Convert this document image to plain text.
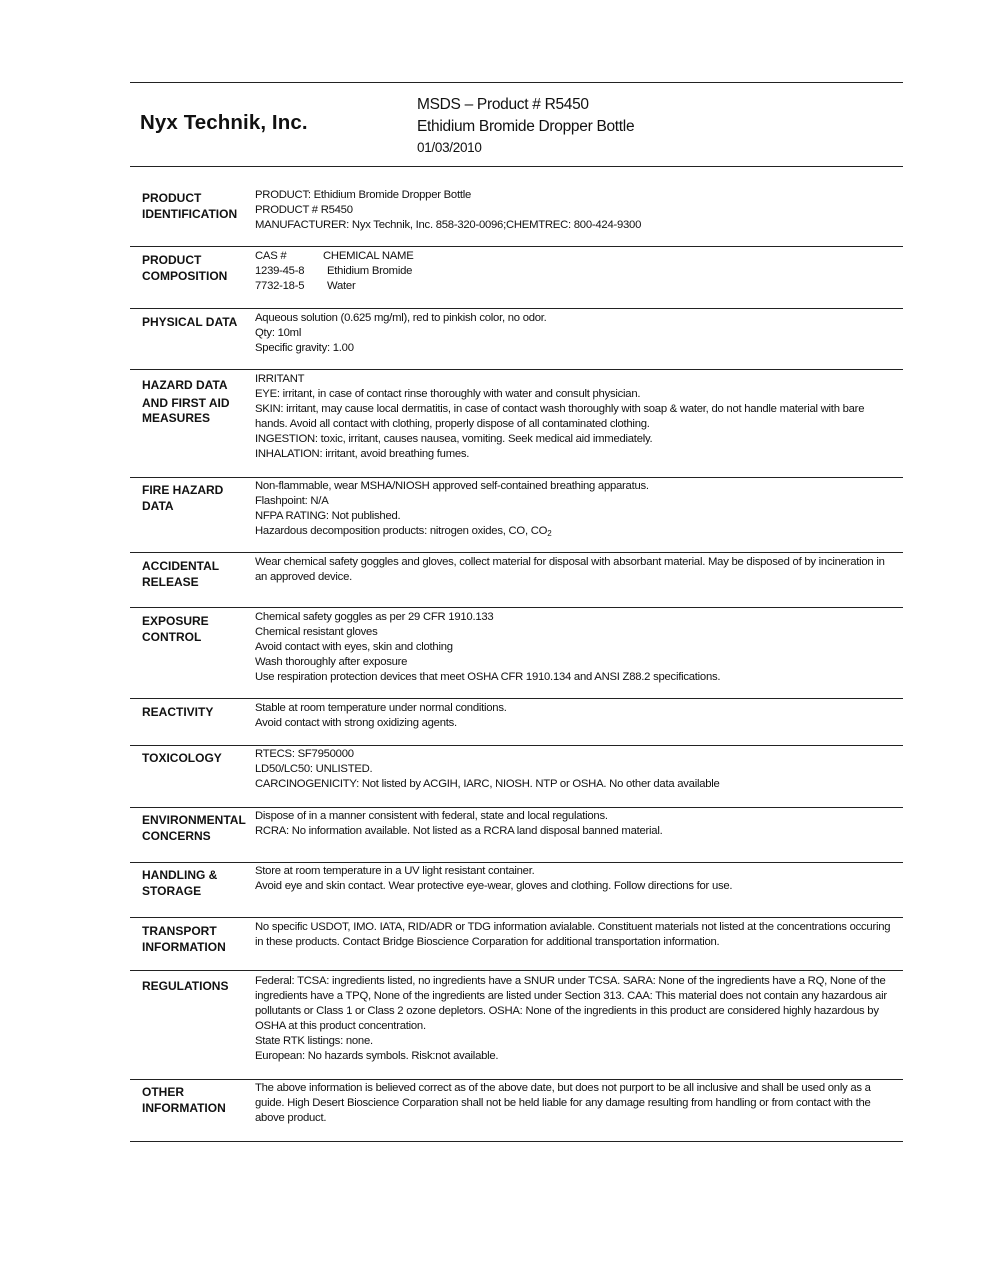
Nyx Technik, Inc.
MSDS – Product # R5450
Ethidium Bromide Dropper Bottle
01/03/2010
PRODUCT
IDENTIFICATION
PRODUCT: Ethidium Bromide Dropper Bottle
PRODUCT # R5450
MANUFACTURER: Nyx Technik, Inc. 858-320-0096;CHEMTREC: 800-424-9300
PRODUCT
COMPOSITION
CAS #	CHEMICAL NAME
1239-45-8 Ethidium Bromide
7732-18-5 Water
PHYSICAL DATA Aqueous solution (0.625 mg/ml), red to pinkish color, no odor.
Qty: 10ml
Specific gravity: 1.00
HAZARD DATA
AND FIRST AID
MEASURES
IRRITANT
EYE: irritant, in case of contact rinse thoroughly with water and consult physician.
SKIN: irritant, may cause local dermatitis, in case of contact wash thoroughly with soap & water, do not handle material with bare
hands. Avoid all contact with clothing, properly dispose of all contaminated clothing.
INGESTION: toxic, irritant, causes nausea, vomiting. Seek medical aid immediately.
INHALATION: irritant, avoid breathing fumes.
FIRE HAZARD
DATA
Non-flammable, wear MSHA/NIOSH approved self-contained breathing apparatus.
Flashpoint: N/A
NFPA RATING: Not published.
Hazardous decomposition products: nitrogen oxides, CO, $CO_2$
ACCIDENTAL
RELEASE
Wear chemical safety goggles and gloves, collect material for disposal with absorbant material. May be disposed of by incineration in
an approved device.
EXPOSURE
CONTROL
Chemical safety goggles as per 29 CFR 1910.133
Chemical resistant gloves
Avoid contact with eyes, skin and clothing
Wash thoroughly after exposure
Use respiration protection devices that meet OSHA CFR 1910.134 and ANSI Z88.2 specifications.
REACTIVITY	Stable at room temperature under normal conditions.
Avoid contact with strong oxidizing agents.
TOXICOLOGY	RTECS: SF7950000
LD50/LC50: UNLISTED.
CARCINOGENICITY: Not listed by ACGIH, IARC, NIOSH. NTP or OSHA. No other data available
ENVIRONMENTAL
CONCERNS
Dispose of in a manner consistent with federal, state and local regulations.
RCRA: No information available. Not listed as a RCRA land disposal banned material.
HANDLING &
STORAGE
Store at room temperature in a UV light resistant container.
Avoid eye and skin contact. Wear protective eye-wear, gloves and clothing. Follow directions for use.
TRANSPORT
INFORMATION
No specific USDOT, IMO. IATA, RID/ADR or TDG information avialable. Constituent materials not listed at the concentrations occuring
in these products. Contact Bridge Bioscience Corparation for additional transportation information.
REGULATIONS Federal: TCSA: ingredients listed, no ingredients have a SNUR under TCSA. SARA: None of the ingredients have a RQ, None of the
ingredients have a TPQ, None of the ingredients are listed under Section 313. CAA: This material does not contain any hazardous air
pollutants or Class 1 or Class 2 ozone depletors. OSHA: None of the ingredients in this product are considered highly hazardous by
OSHA at this product concentration.
State RTK listings: none.
European: No hazards symbols. Risk:not available.
OTHER
INFORMATION
The above information is believed correct as of the above date, but does not purport to be all inclusive and shall be used only as a
guide. High Desert Bioscience Corparation shall not be held liable for any damage resulting from handling or from contact with the
above product.
